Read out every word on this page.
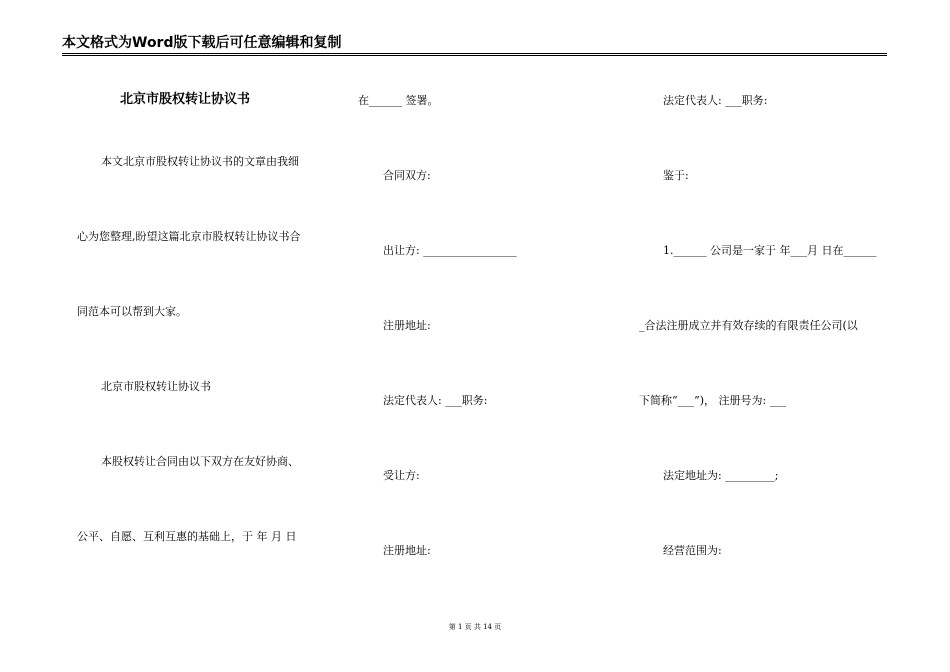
本文格式为Word版下载后可任意编辑和复制
北京市股权转让协议书
本文北京市股权转让协议书的文章由我细
心为您整理,盼望这篇北京市股权转让协议书合
同范本可以帮到大家。
北京市股权转让协议书
本股权转让合同由以下双方在友好协商、
公平、自愿、互利互惠的基础上，于 年 月 日
在______ 签署。
合同双方:
出让方: _________________
注册地址:
法定代表人: ___职务:
受让方:
注册地址:
法定代表人: ___职务:
鉴于:
1.______ 公司是一家于 年___月 日在______
_合法注册成立并有效存续的有限责任公司(以
下简称“___”)， 注册号为: ___
法定地址为: _________;
经营范围为:
第 1 页 共 14 页
